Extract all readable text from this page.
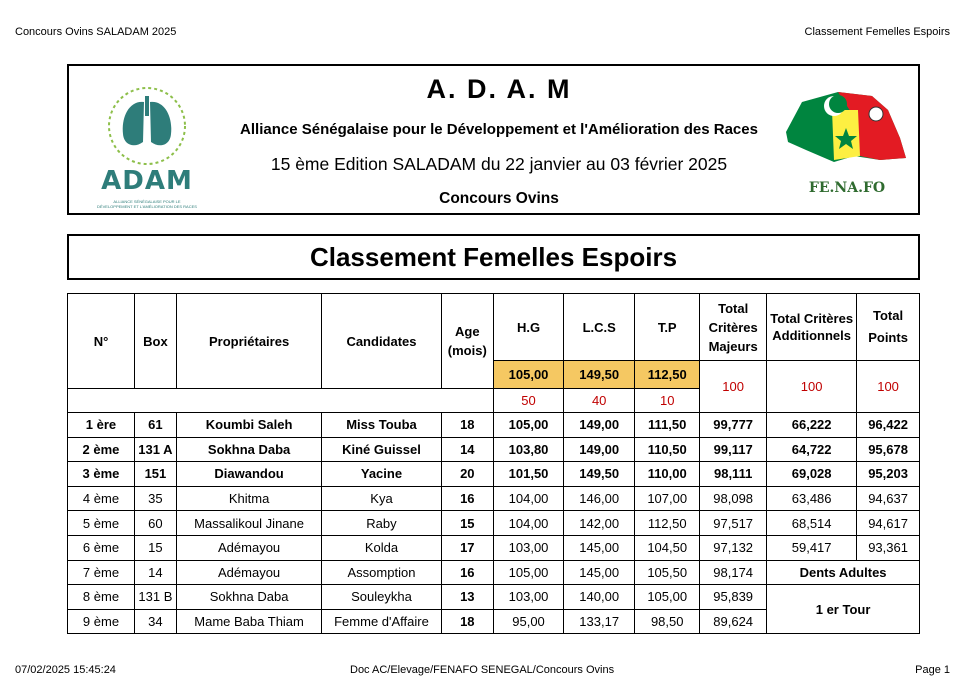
Concours Ovins SALADAM 2025	Classement Femelles Espoirs
ADAM
ALLIANCE SÉNÉGALAISE POUR LE DÉVELOPPEMENT ET L'AMÉLIORATION DES RACES
A. D. A. M
Alliance Sénégalaise pour le Développement et l'Amélioration des Races
15 ème Edition SALADAM du 22 janvier au 03 février 2025
Concours Ovins
FE.NA.FO
Classement Femelles Espoirs
N°	Box	Propriétaires	Candidates	Age (mois)	H.G	L.C.S	T.P	Total Critères Majeurs	Total Critères Additionnels	Total Points
					105,00	149,50	112,50	100	100	100
					50	40	10			
1 ère	61	Koumbi Saleh	Miss Touba	18	105,00	149,00	111,50	99,777	66,222	96,422
2 ème	131 A	Sokhna Daba	Kiné Guissel	14	103,80	149,00	110,50	99,117	64,722	95,678
3 ème	151	Diawandou	Yacine	20	101,50	149,50	110,00	98,111	69,028	95,203
4 ème	35	Khitma	Kya	16	104,00	146,00	107,00	98,098	63,486	94,637
5 ème	60	Massalikoul Jinane	Raby	15	104,00	142,00	112,50	97,517	68,514	94,617
6 ème	15	Adémayou	Kolda	17	103,00	145,00	104,50	97,132	59,417	93,361
7 ème	14	Adémayou	Assomption	16	105,00	145,00	105,50	98,174	Dents Adultes	
8 ème	131 B	Sokhna Daba	Souleykha	13	103,00	140,00	105,00	95,839	1 er Tour	
9 ème	34	Mame Baba Thiam	Femme d'Affaire	18	95,00	133,17	98,50	89,624		
07/02/2025 15:45:24	Doc AC/Elevage/FENAFO SENEGAL/Concours Ovins	Page 1
